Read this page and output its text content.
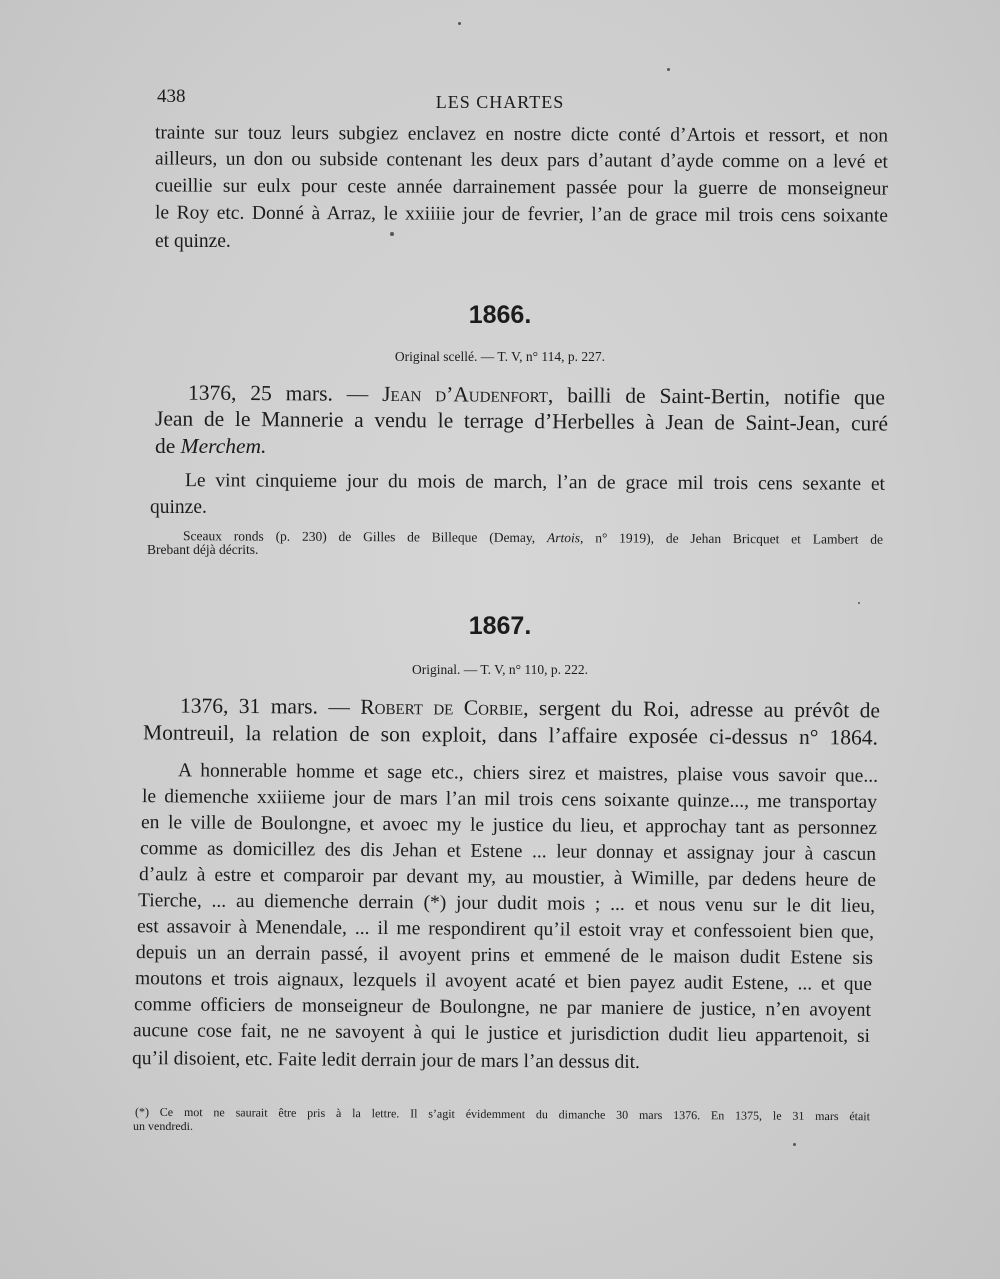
438	LES CHARTES
trainte sur touz leurs subgiez enclavez en nostre dicte conté d’Artois et ressort, et non
ailleurs, un don ou subside contenant les deux pars d’autant d’ayde comme on a levé et
cueillie sur eulx pour ceste année darrainement passée pour la guerre de monseigneur
le Roy etc. Donné à Arraz, le xxiiiie jour de fevrier, l’an de grace mil trois cens soixante
et quinze.
1866.
Original scellé. — T. V, n° 114, p. 227.
1376, 25 mars. — Jean d’Audenfort, bailli de Saint-Bertin, notifie que
Jean de le Mannerie a vendu le terrage d’Herbelles à Jean de Saint-Jean, curé
de Merchem.
Le vint cinquieme jour du mois de march, l’an de grace mil trois cens sexante et
quinze.
Sceaux ronds (p. 230) de Gilles de Billeque (Demay, Artois, n° 1919), de Jehan Bricquet et Lambert de
Brebant déjà décrits.
1867.
Original. — T. V, n° 110, p. 222.
1376, 31 mars. — Robert de Corbie, sergent du Roi, adresse au prévôt de
Montreuil, la relation de son exploit, dans l’affaire exposée ci-dessus n° 1864.
A honnerable homme et sage etc., chiers sirez et maistres, plaise vous savoir que...
le diemenche xxiiieme jour de mars l’an mil trois cens soixante quinze..., me transportay
en le ville de Boulongne, et avoec my le justice du lieu, et approchay tant as personnez
comme as domicillez des dis Jehan et Estene ... leur donnay et assignay jour à cascun
d’aulz à estre et comparoir par devant my, au moustier, à Wimille, par dedens heure de
Tierche, ... au diemenche derrain (*) jour dudit mois ; ... et nous venu sur le dit lieu,
est assavoir à Menendale, ... il me respondirent qu’il estoit vray et confessoient bien que,
depuis un an derrain passé, il avoyent prins et emmené de le maison dudit Estene sis
moutons et trois aignaux, lezquels il avoyent acaté et bien payez audit Estene, ... et que
comme officiers de monseigneur de Boulongne, ne par maniere de justice, n’en avoyent
aucune cose fait, ne ne savoyent à qui le justice et jurisdiction dudit lieu appartenoit, si
qu’il disoient, etc. Faite ledit derrain jour de mars l’an dessus dit.
(*) Ce mot ne saurait être pris à la lettre. Il s’agit évidemment du dimanche 30 mars 1376. En 1375, le 31 mars était
un vendredi.
